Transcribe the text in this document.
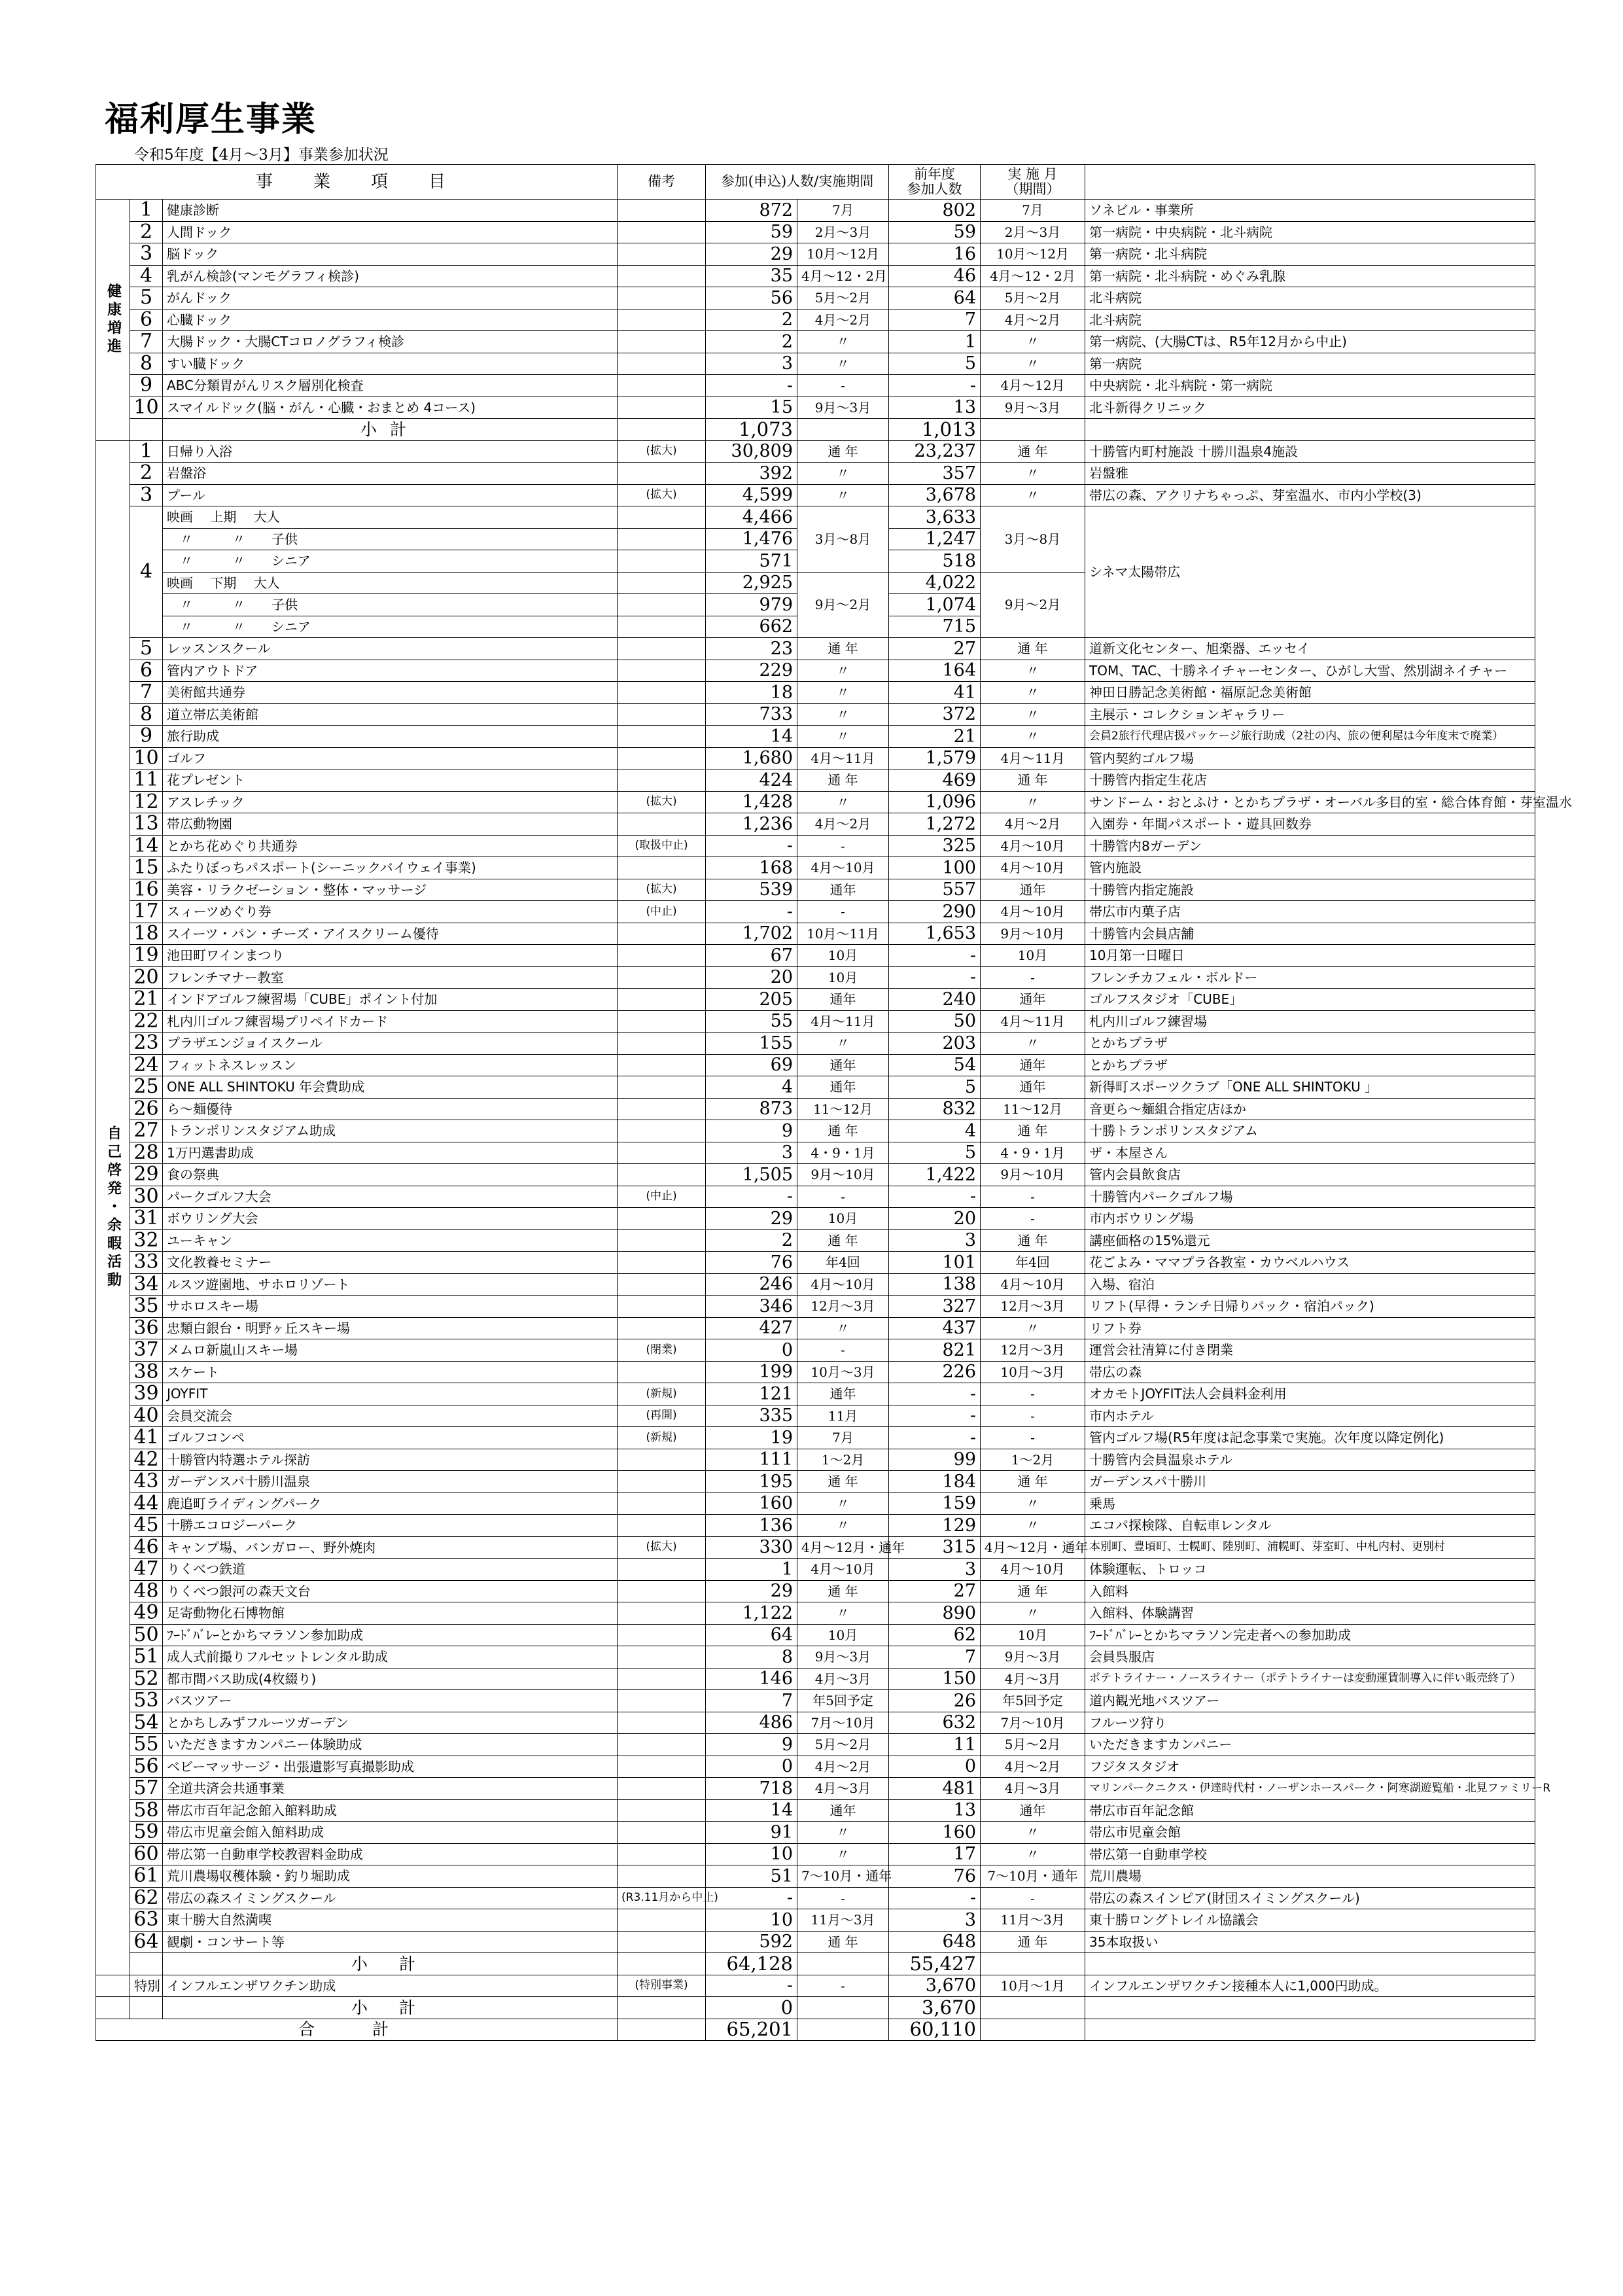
福利厚生事業
令和5年度【4月～3月】事業参加状況
事　業　項　目			備考	参加(申込)人数/実施期間		前年度
参加人数	実 施 月
（期間）	
健康増進	1	健康診断		872	7月	802	7月	ソネビル・事業所
	2	人間ドック		59	2月～3月	59	2月～3月	第一病院・中央病院・北斗病院
	3	脳ドック		29	10月～12月	16	10月～12月	第一病院・北斗病院
	4	乳がん検診(マンモグラフィ検診)		35	4月～12・2月	46	4月～12・2月	第一病院・北斗病院・めぐみ乳腺
	5	がんドック		56	5月～2月	64	5月～2月	北斗病院
	6	心臓ドック		2	4月～2月	7	4月～2月	北斗病院
	7	大腸ドック・大腸CTコロノグラフィ検診		2	〃	1	〃	第一病院、(大腸CTは、R5年12月から中止)
	8	すい臓ドック		3	〃	5	〃	第一病院
	9	ABC分類胃がんリスク層別化検査		-	-	-	4月～12月	中央病院・北斗病院・第一病院
	10	スマイルドック(脳・がん・心臓・おまとめ 4コース)		15	9月～3月	13	9月～3月	北斗新得クリニック
		小計		1,073		1,013		
自己啓発・余暇活動	1	日帰り入浴	(拡大)	30,809	通 年	23,237	通 年	十勝管内町村施設 十勝川温泉4施設
	2	岩盤浴		392	〃	357	〃	岩盤雅
	3	プール	(拡大)	4,599	〃	3,678	〃	帯広の森、アクリナちゃっぷ、芽室温水、市内小学校(3)
	4	映画　 上期　 大人		4,466	3月～8月	3,633	3月～8月	シネマ太陽帯広
		　〃　　　〃　　子供		1,476		1,247		
		　〃　　　〃　　シニア		571		518		
		映画　 下期　 大人		2,925	9月～2月	4,022	9月～2月	
		　〃　　　〃　　子供		979		1,074		
		　〃　　　〃　　シニア		662		715		
	5	レッスンスクール		23	通 年	27	通 年	道新文化センター、旭楽器、エッセイ
	6	管内アウトドア		229	〃	164	〃	TOM、TAC、十勝ネイチャーセンター、ひがし大雪、然別湖ネイチャー
	7	美術館共通券		18	〃	41	〃	神田日勝記念美術館・福原記念美術館
	8	道立帯広美術館		733	〃	372	〃	主展示・コレクションギャラリー
	9	旅行助成		14	〃	21	〃	会員2旅行代理店扱パッケージ旅行助成（2社の内、旅の便利屋は今年度末で廃業）
	10	ゴルフ		1,680	4月～11月	1,579	4月～11月	管内契約ゴルフ場
	11	花プレゼント		424	通 年	469	通 年	十勝管内指定生花店
	12	アスレチック	(拡大)	1,428	〃	1,096	〃	サンドーム・おとふけ・とかちプラザ・オーバル多目的室・総合体育館・芽室温水
	13	帯広動物園		1,236	4月～2月	1,272	4月～2月	入園券・年間パスポート・遊具回数券
	14	とかち花めぐり共通券	(取扱中止)	-	-	325	4月～10月	十勝管内8ガーデン
	15	ふたりぼっちパスポート(シーニックバイウェイ事業)		168	4月～10月	100	4月～10月	管内施設
	16	美容・リラクゼーション・整体・マッサージ	(拡大)	539	通年	557	通年	十勝管内指定施設
	17	スィーツめぐり券	(中止)	-	-	290	4月～10月	帯広市内菓子店
	18	スイーツ・パン・チーズ・アイスクリーム優待		1,702	10月～11月	1,653	9月～10月	十勝管内会員店舗
	19	池田町ワインまつり		67	10月	-	10月	10月第一日曜日
	20	フレンチマナー教室		20	10月	-	-	フレンチカフェル・ボルドー
	21	インドアゴルフ練習場「CUBE」ポイント付加		205	通年	240	通年	ゴルフスタジオ「CUBE」
	22	札内川ゴルフ練習場プリペイドカード		55	4月～11月	50	4月～11月	札内川ゴルフ練習場
	23	プラザエンジョイスクール		155	〃	203	〃	とかちプラザ
	24	フィットネスレッスン		69	通年	54	通年	とかちプラザ
	25	ONE ALL SHINTOKU 年会費助成		4	通年	5	通年	新得町スポーツクラブ「ONE ALL SHINTOKU 」
	26	ら～麺優待		873	11～12月	832	11～12月	音更ら～麺組合指定店ほか
	27	トランポリンスタジアム助成		9	通 年	4	通 年	十勝トランポリンスタジアム
	28	1万円選書助成		3	4・9・1月	5	4・9・1月	ザ・本屋さん
	29	食の祭典		1,505	9月～10月	1,422	9月～10月	管内会員飲食店
	30	パークゴルフ大会	(中止)	-	-	-	-	十勝管内パークゴルフ場
	31	ボウリング大会		29	10月	20	-	市内ボウリング場
	32	ユーキャン		2	通 年	3	通 年	講座価格の15%還元
	33	文化教養セミナー		76	年4回	101	年4回	花ごよみ・ママプラ各教室・カウベルハウス
	34	ルスツ遊園地、サホロリゾート		246	4月～10月	138	4月～10月	入場、宿泊
	35	サホロスキー場		346	12月～3月	327	12月～3月	リフト(早得・ランチ日帰りパック・宿泊パック)
	36	忠類白銀台・明野ヶ丘スキー場		427	〃	437	〃	リフト券
	37	メムロ新嵐山スキー場	(閉業)	0	-	821	12月～3月	運営会社清算に付き閉業
	38	スケート		199	10月～3月	226	10月～3月	帯広の森
	39	JOYFIT	(新規)	121	通年	-	-	オカモトJOYFIT法人会員料金利用
	40	会員交流会	(再開)	335	11月	-	-	市内ホテル
	41	ゴルフコンペ	(新規)	19	7月	-	-	管内ゴルフ場(R5年度は記念事業で実施。次年度以降定例化)
	42	十勝管内特選ホテル探訪		111	1～2月	99	1～2月	十勝管内会員温泉ホテル
	43	ガーデンスパ十勝川温泉		195	通 年	184	通 年	ガーデンスパ十勝川
	44	鹿追町ライディングパーク		160	〃	159	〃	乗馬
	45	十勝エコロジーパーク		136	〃	129	〃	エコパ探検隊、自転車レンタル
	46	キャンプ場、バンガロー、野外焼肉	(拡大)	330	4月～12月・通年	315	4月～12月・通年	本別町、豊頃町、士幌町、陸別町、浦幌町、芽室町、中札内村、更別村
	47	りくべつ鉄道		1	4月～10月	3	4月～10月	体験運転、トロッコ
	48	りくべつ銀河の森天文台		29	通 年	27	通 年	入館料
	49	足寄動物化石博物館		1,122	〃	890	〃	入館料、体験講習
	50	ﾌｰﾄﾞﾊﾞﾚｰとかちマラソン参加助成		64	10月	62	10月	ﾌｰﾄﾞﾊﾞﾚｰとかちマラソン完走者への参加助成
	51	成人式前撮りフルセットレンタル助成		8	9月～3月	7	9月～3月	会員呉服店
	52	都市間バス助成(4枚綴り)		146	4月～3月	150	4月～3月	ポテトライナー・ノースライナー（ポテトライナーは変動運賃制導入に伴い販売終了）
	53	バスツアー		7	年5回予定	26	年5回予定	道内観光地バスツアー
	54	とかちしみずフルーツガーデン		486	7月～10月	632	7月～10月	フルーツ狩り
	55	いただきますカンパニー体験助成		9	5月～2月	11	5月～2月	いただきますカンパニー
	56	ベビーマッサージ・出張遺影写真撮影助成		0	4月～2月	0	4月～2月	フジタスタジオ
	57	全道共済会共通事業		718	4月～3月	481	4月～3月	マリンパークニクス・伊達時代村・ノーザンホースパーク・阿寒湖遊覧船・北見ファミリーR
	58	帯広市百年記念館入館料助成		14	通年	13	通年	帯広市百年記念館
	59	帯広市児童会館入館料助成		91	〃	160	〃	帯広市児童会館
	60	帯広第一自動車学校教習料金助成		10	〃	17	〃	帯広第一自動車学校
	61	荒川農場収穫体験・釣り堀助成		51	7～10月・通年	76	7～10月・通年	荒川農場
	62	帯広の森スイミングスクール	(R3.11月から中止)	-	-	-	-	帯広の森スインピア(財団スイミングスクール)
	63	東十勝大自然満喫		10	11月～3月	3	11月～3月	東十勝ロングトレイル協議会
	64	観劇・コンサート等		592	通 年	648	通 年	35本取扱い
		小 計		64,128		55,427		
	特別	インフルエンザワクチン助成	(特別事業)	-	-	3,670	10月～1月	インフルエンザワクチン接種本人に1,000円助成。
		小 計		0		3,670		
合 計				65,201		60,110		
